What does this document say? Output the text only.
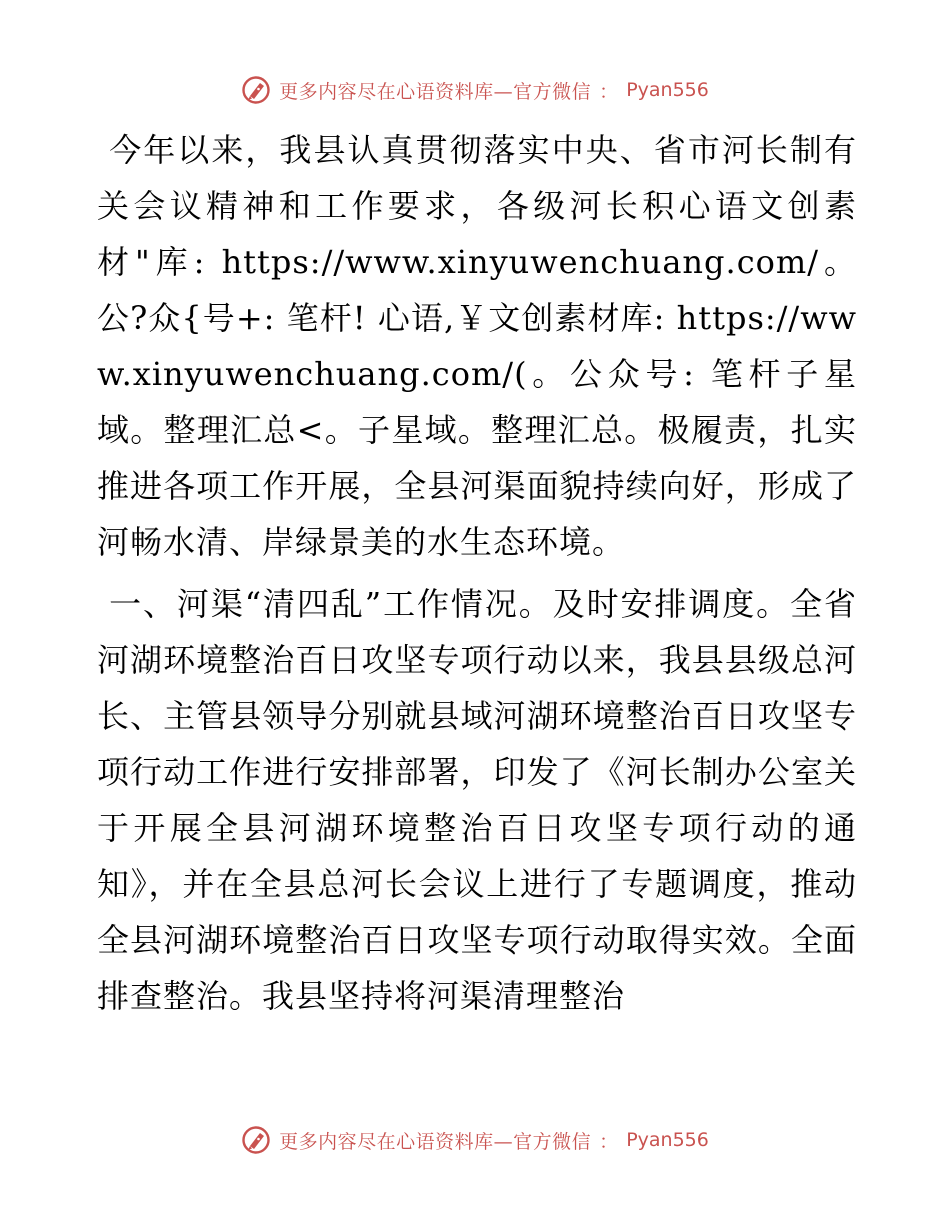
更多内容尽在心语资料库—官方微信 ： Pyan556

今年以来，我县认真贯彻落实中央、省市河长制有关会议精神和工作要求，各级河长积心语文创素材"库: https://www.xinyuwenchuang.com/。公?众{号+: 笔杆! 心语,￥文创素材库: https://www.xinyuwenchuang.com/(。公众号: 笔杆子星域。整理汇总<。子星域。整理汇总。极履责，扎实推进各项工作开展，全县河渠面貌持续向好，形成了河畅水清、岸绿景美的水生态环境。

一、河渠“清四乱”工作情况。及时安排调度。全省河湖环境整治百日攻坚专项行动以来，我县县级总河长、主管县领导分别就县域河湖环境整治百日攻坚专项行动工作进行安排部署，印发了《河长制办公室关于开展全县河湖环境整治百日攻坚专项行动的通知》，并在全县总河长会议上进行了专题调度，推动全县河湖环境整治百日攻坚专项行动取得实效。全面排查整治。我县坚持将河渠清理整治

更多内容尽在心语资料库—官方微信 ： Pyan556
